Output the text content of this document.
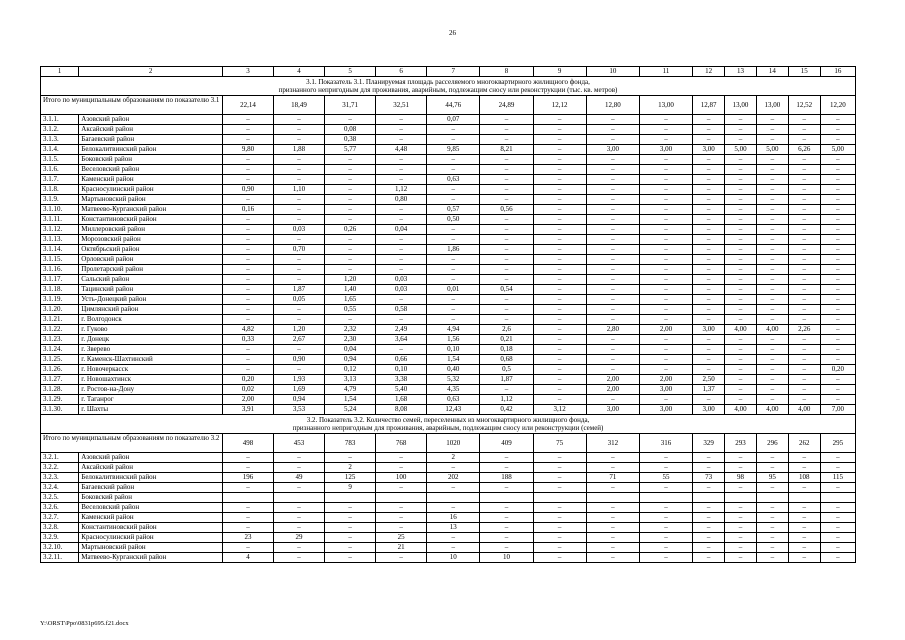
26
1	2	3	4	5	6	7	8	9	10	11	12	13	14	15	16
3.1. Показатель 3.1. Планируемая площадь расселяемого многоквартирного жилищного фонда,
признанного непригодным для проживания, аварийным, подлежащим сносу или реконструкции (тыс. кв. метров)															
Итого по муниципальным образованиям по показателю 3.1		22,14	18,49	31,71	32,51	44,76	24,89	12,12	12,80	13,00	12,87	13,00	13,00	12,52	12,20
3.1.1.	Азовский район	–	–	–	–	0,07	–	–	–	–	–	–	–	–	–
3.1.2.	Аксайский район	–	–	0,08	–	–	–	–	–	–	–	–	–	–	–
3.1.3.	Багаевский район	–	–	0,38	–	–	–	–	–	–	–	–	–	–	–
3.1.4.	Белокалитвинский район	9,80	1,88	5,77	4,48	9,85	8,21	–	3,00	3,00	3,00	5,00	5,00	6,26	5,00
3.1.5.	Боковский район	–	–	–	–	–	–	–	–	–	–	–	–	–	–
3.1.6.	Веселовский район	–	–	–	–	–	–	–	–	–	–	–	–	–	–
3.1.7.	Каменский район	–	–	–	–	0,63	–	–	–	–	–	–	–	–	–
3.1.8.	Красносулинский район	0,90	1,10	–	1,12	–	–	–	–	–	–	–	–	–	–
3.1.9.	Мартыновский район	–	–	–	0,80	–	–	–	–	–	–	–	–	–	–
3.1.10.	Матвеево-Курганский район	0,16	–	–	–	0,57	0,56	–	–	–	–	–	–	–	–
3.1.11.	Константиновский район	–	–	–	–	0,50	–	–	–	–	–	–	–	–	–
3.1.12.	Миллеровский район	–	0,03	0,26	0,04	–	–	–	–	–	–	–	–	–	–
3.1.13.	Морозовский район	–	–	–	–	–	–	–	–	–	–	–	–	–	–
3.1.14.	Октябрьский район	–	0,70	–	–	1,86	–	–	–	–	–	–	–	–	–
3.1.15.	Орловский район	–	–	–	–	–	–	–	–	–	–	–	–	–	–
3.1.16.	Пролетарский район	–	–	–	–	–	–	–	–	–	–	–	–	–	–
3.1.17.	Сальский район	–	–	1,20	0,03	–	–	–	–	–	–	–	–	–	–
3.1.18.	Тацинский район	–	1,87	1,40	0,03	0,01	0,54	–	–	–	–	–	–	–	–
3.1.19.	Усть-Донецкий район	–	0,05	1,65	–	–	–	–	–	–	–	–	–	–	–
3.1.20.	Цимлянский район	–	–	0,55	0,58	–	–	–	–	–	–	–	–	–	–
3.1.21.	г. Волгодонск	–	–	–	–	–	–	–	–	–	–	–	–	–	–
3.1.22.	г. Гуково	4,82	1,20	2,32	2,49	4,94	2,6	–	2,80	2,00	3,00	4,00	4,00	2,26	–
3.1.23.	г. Донецк	0,33	2,67	2,30	3,64	1,56	0,21	–	–	–	–	–	–	–	–
3.1.24.	г. Зверево	–	–	0,04	–	0,10	0,18	–	–	–	–	–	–	–	–
3.1.25.	г. Каменск-Шахтинский	–	0,90	0,94	0,66	1,54	0,68	–	–	–	–	–	–	–	–
3.1.26.	г. Новочеркасск	–	–	0,12	0,10	0,40	0,5	–	–	–	–	–	–	–	0,20
3.1.27.	г. Новошахтинск	0,20	1,93	3,13	3,38	5,32	1,87	–	2,00	2,00	2,50	–	–	–	–
3.1.28.	г. Ростов-на-Дону	0,02	1,69	4,79	5,40	4,35	–	–	2,00	3,00	1,37	–	–	–	–
3.1.29.	г. Таганрог	2,00	0,94	1,54	1,68	0,63	1,12	–	–	–	–	–	–	–	–
3.1.30.	г. Шахты	3,91	3,53	5,24	8,08	12,43	0,42	3,12	3,00	3,00	3,00	4,00	4,00	4,00	7,00
3.2. Показатель 3.2. Количество семей, переселенных из многоквартирного жилищного фонда,
признанного непригодным для проживания, аварийным, подлежащим сносу или реконструкции (семей)															
Итого по муниципальным образованиям по показателю 3.2		498	453	783	768	1020	409	75	312	316	329	293	296	262	295
3.2.1.	Азовский район	–	–	–	–	2	–	–	–	–	–	–	–	–	–
3.2.2.	Аксайский район	–	–	2	–	–	–	–	–	–	–	–	–	–	–
3.2.3.	Белокалитвинский район	196	49	125	100	202	188	–	71	55	73	98	95	108	115
3.2.4.	Багаевский район	–	–	9	–	–	–	–	–	–	–	–	–	–	–
3.2.5.	Боковский район														
3.2.6.	Веселовский район	–	–	–	–	–	–	–	–	–	–	–	–	–	–
3.2.7.	Каменский район	–	–	–	–	16	–	–	–	–	–	–	–	–	–
3.2.8.	Константиновский район	–	–	–	–	13	–	–	–	–	–	–	–	–	–
3.2.9.	Красносулинский район	23	29	–	25	–	–	–	–	–	–	–	–	–	–
3.2.10.	Мартыновский район	–	–	–	21	–	–	–	–	–	–	–	–	–	–
3.2.11.	Матвеево-Курганский район	4	–	–	–	10	10	–	–	–	–	–	–	–	–
Y:\ORST\Ppo\0831p695.f21.docx
